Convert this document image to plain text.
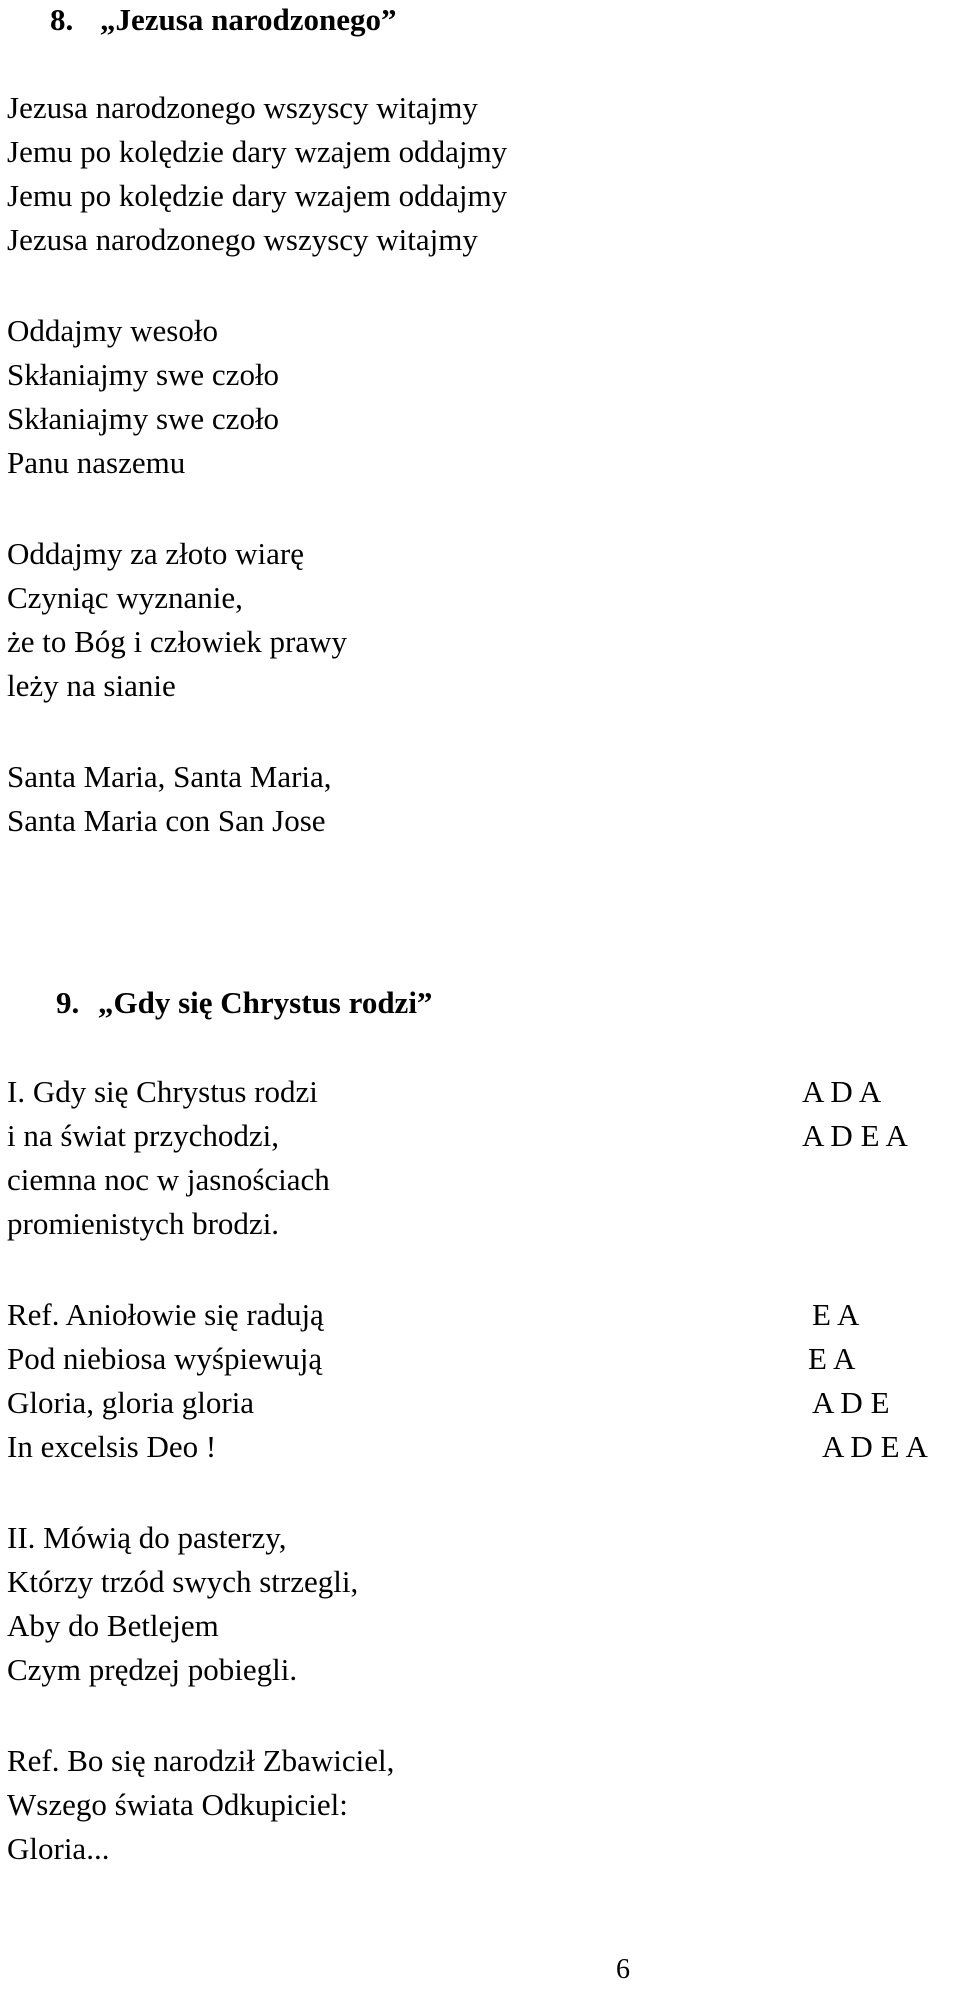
8. „Jezusa narodzonego”
Jezusa narodzonego wszyscy witajmy
Jemu po kolędzie dary wzajem oddajmy
Jemu po kolędzie dary wzajem oddajmy
Jezusa narodzonego wszyscy witajmy
Oddajmy wesoło
Skłaniajmy swe czoło
Skłaniajmy swe czoło
Panu naszemu
Oddajmy za złoto wiarę
Czyniąc wyznanie,
że to Bóg i człowiek prawy
leży na sianie
Santa Maria, Santa Maria,
Santa Maria con San Jose
9. „Gdy się Chrystus rodzi”
I. Gdy się Chrystus rodzi
i na świat przychodzi,
ciemna noc w jasnościach
promienistych brodzi.
A D A
A D E A
Ref. Aniołowie się radują
Pod niebiosa wyśpiewują
Gloria, gloria gloria
In excelsis Deo !
E A
E A
A D E
A D E A
II. Mówią do pasterzy,
Którzy trzód swych strzegli,
Aby do Betlejem
Czym prędzej pobiegli.
Ref. Bo się narodził Zbawiciel,
Wszego świata Odkupiciel:
Gloria...
6
